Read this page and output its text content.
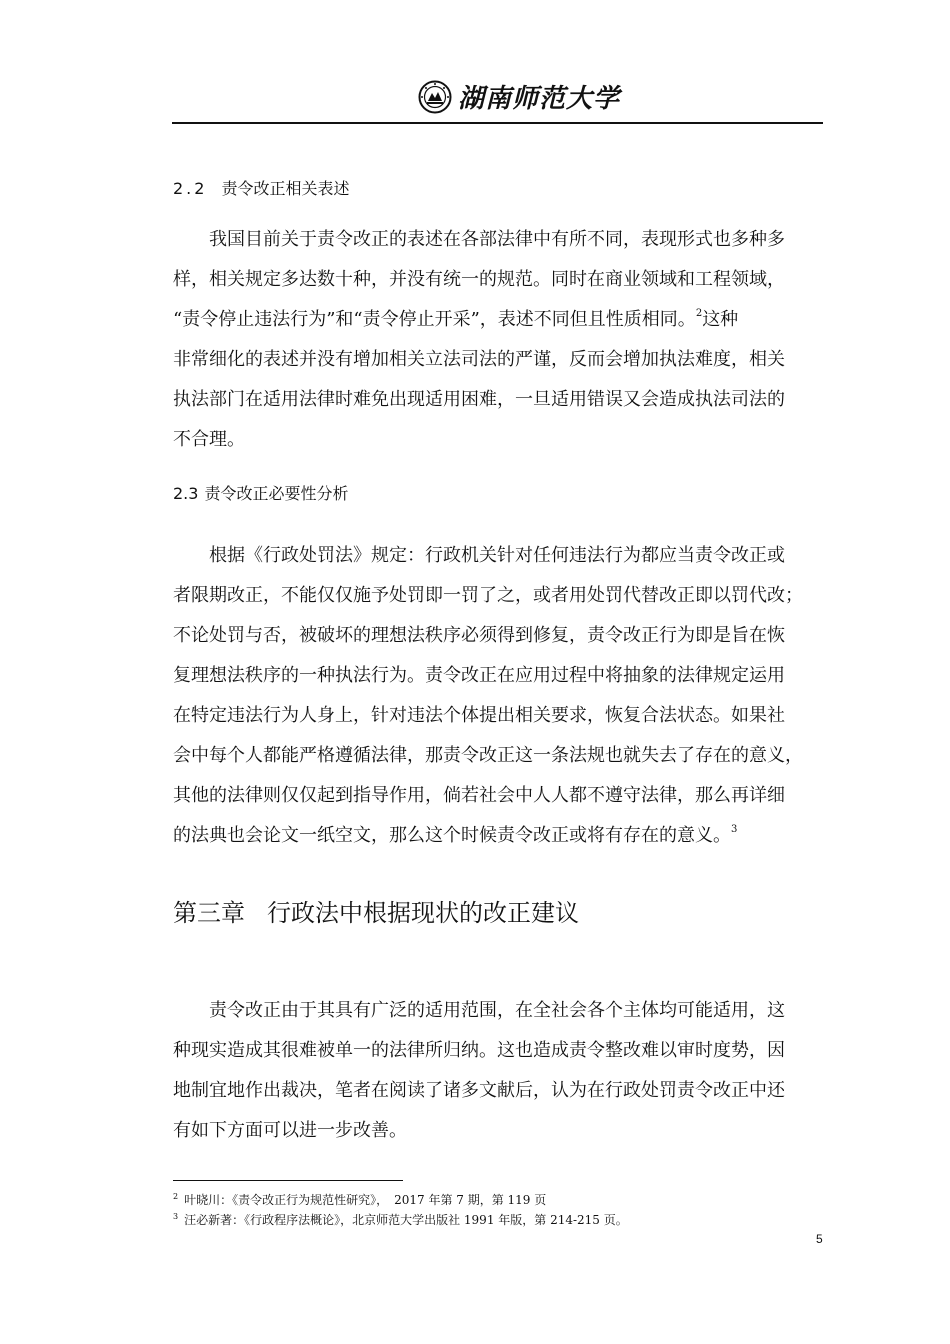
湖南师范大学
2.2 责令改正相关表述
　　我国目前关于责令改正的表述在各部法律中有所不同，表现形式也多种多
样，相关规定多达数十种，并没有统一的规范。同时在商业领域和工程领域，
“责令停止违法行为”和“责令停止开采”，表述不同但且性质相同。$^2$这种
非常细化的表述并没有增加相关立法司法的严谨，反而会增加执法难度，相关
执法部门在适用法律时难免出现适用困难，一旦适用错误又会造成执法司法的
不合理。
2.3 责令改正必要性分析
　　根据《行政处罚法》规定：行政机关针对任何违法行为都应当责令改正或
者限期改正，不能仅仅施予处罚即一罚了之，或者用处罚代替改正即以罚代改；
不论处罚与否，被破坏的理想法秩序必须得到修复，责令改正行为即是旨在恢
复理想法秩序的一种执法行为。责令改正在应用过程中将抽象的法律规定运用
在特定违法行为人身上，针对违法个体提出相关要求，恢复合法状态。如果社
会中每个人都能严格遵循法律，那责令改正这一条法规也就失去了存在的意义，
其他的法律则仅仅起到指导作用，倘若社会中人人都不遵守法律，那么再详细
的法典也会论文一纸空文，那么这个时候责令改正或将有存在的意义。$^3$
第三章 行政法中根据现状的改正建议
　　责令改正由于其具有广泛的适用范围，在全社会各个主体均可能适用，这
种现实造成其很难被单一的法律所归纳。这也造成责令整改难以审时度势，因
地制宜地作出裁决，笔者在阅读了诸多文献后，认为在行政处罚责令改正中还
有如下方面可以进一步改善。
$^2$ 叶晓川：《责令改正行为规范性研究》，　2017 年第 7 期，第 119 页
$^3$ 汪必新著：《行政程序法概论》，北京师范大学出版社 1991 年版，第 214-215 页。
5
